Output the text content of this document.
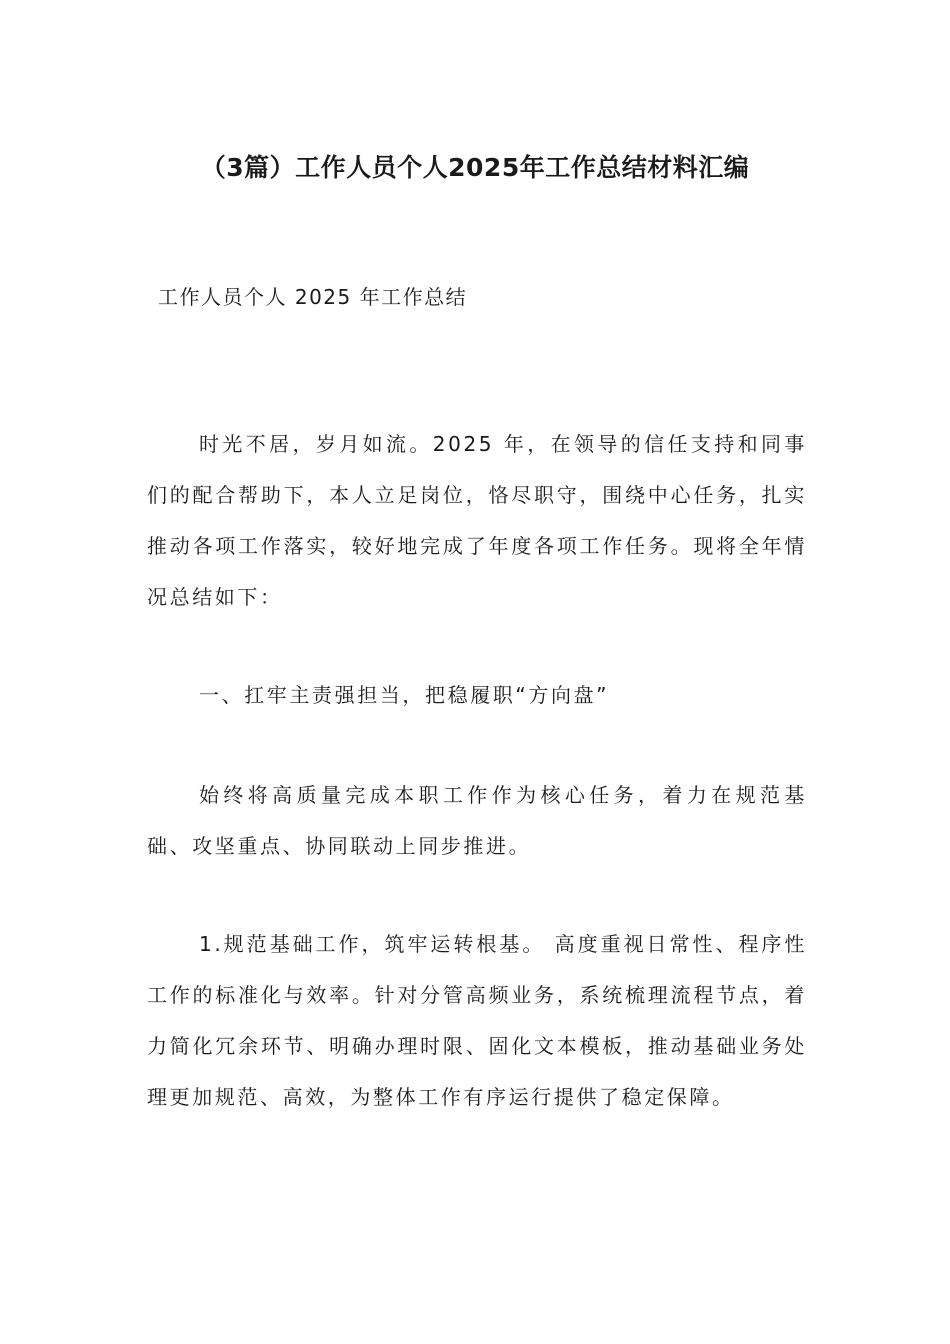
（3篇）工作人员个人2025年工作总结材料汇编
工作人员个人 2025 年工作总结

时光不居，岁月如流。2025 年，在领导的信任支持和同事们的配合帮助下，本人立足岗位，恪尽职守，围绕中心任务，扎实推动各项工作落实，较好地完成了年度各项工作任务。现将全年情况总结如下：

一、扛牢主责强担当，把稳履职“方向盘”

始终将高质量完成本职工作作为核心任务，着力在规范基础、攻坚重点、协同联动上同步推进。

1.规范基础工作，筑牢运转根基。 高度重视日常性、程序性工作的标准化与效率。针对分管高频业务，系统梳理流程节点，着力简化冗余环节、明确办理时限、固化文本模板，推动基础业务处理更加规范、高效，为整体工作有序运行提供了稳定保障。
